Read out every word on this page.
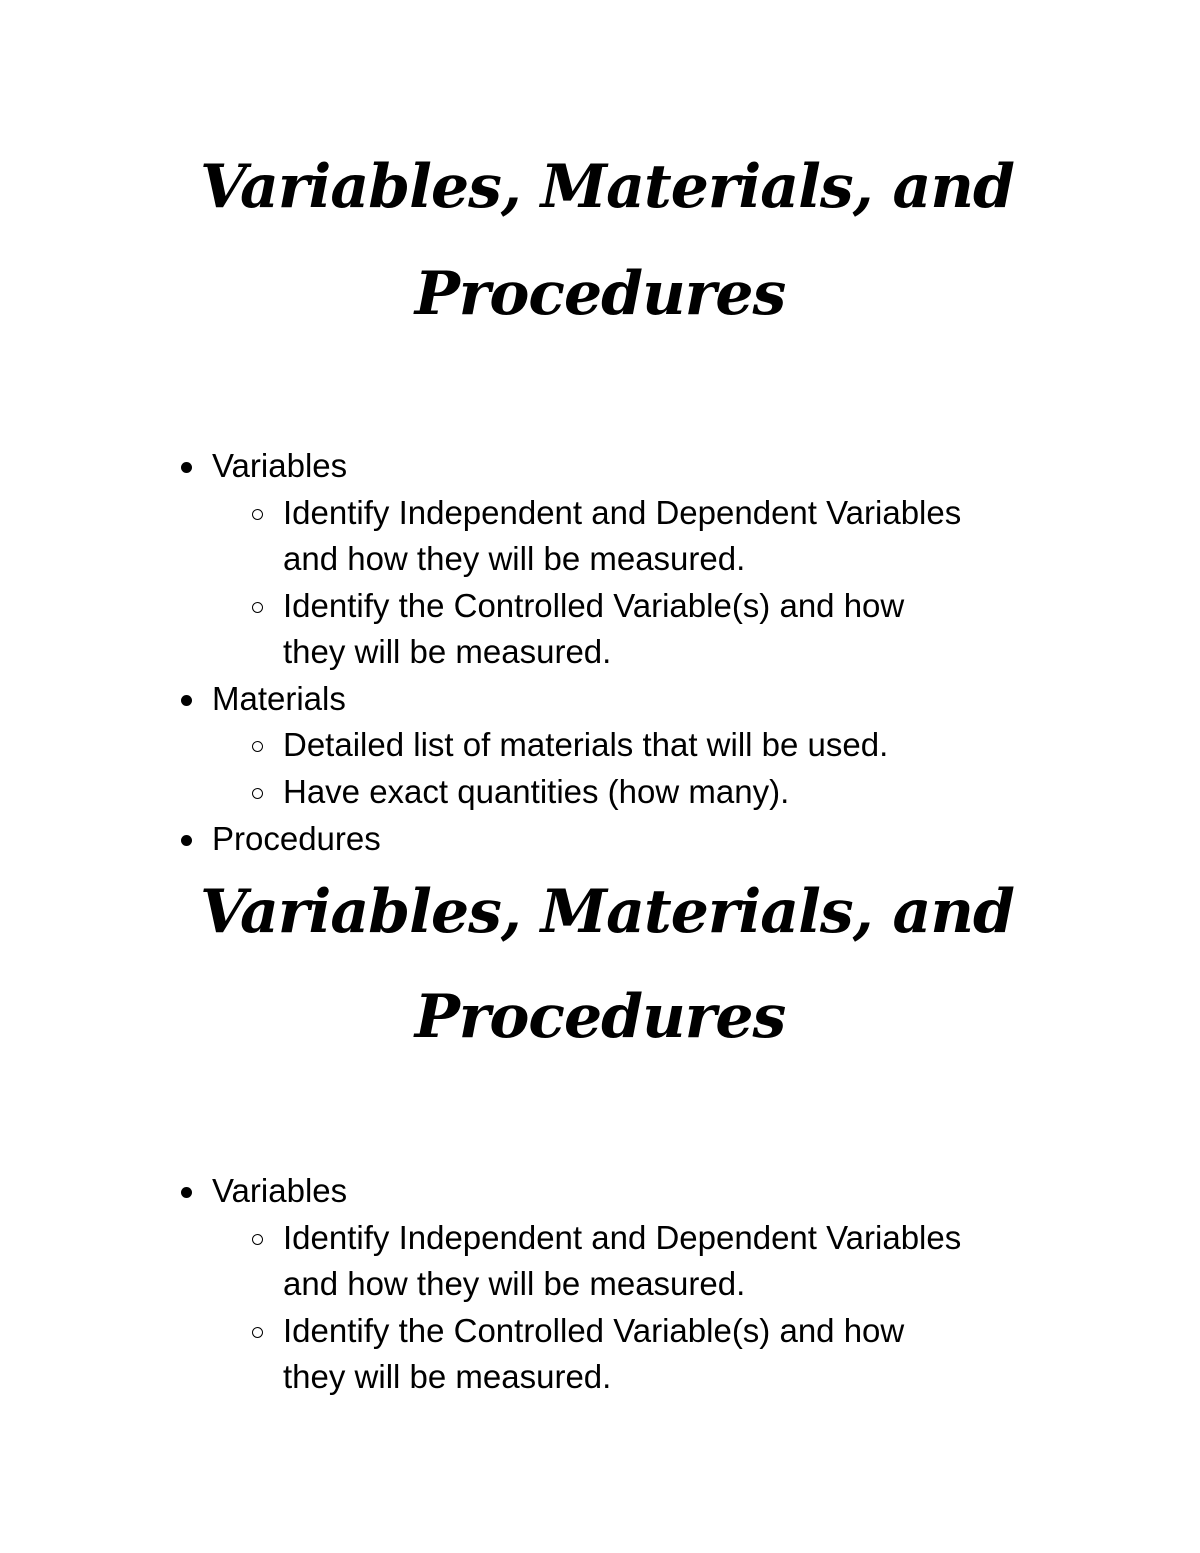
Variables, Materials, and
Procedures
Variables
Identify Independent and Dependent Variables
and how they will be measured.
Identify the Controlled Variable(s) and how
they will be measured.
Materials
Detailed list of materials that will be used.
Have exact quantities (how many).
Procedures
Variables, Materials, and
Procedures
Variables
Identify Independent and Dependent Variables
and how they will be measured.
Identify the Controlled Variable(s) and how
they will be measured.
